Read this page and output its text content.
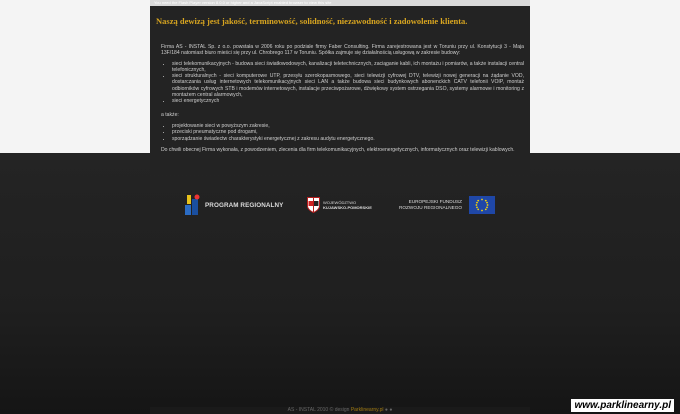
You need the Flash Player version 8.0.0 or higher and a JavaScript enabled browser to view this site
Naszą dewizą jest jakość, terminowość, solidność, niezawodność i zadowolenie klienta.

Firma AS - INSTAL Sp. z o.o. powstała w 2006 roku po podziale firmy Faber Consulting. Firma zarejestrowana jest w Toruniu przy ul. Konstytucji 3 - Maja 13F/184 natomiast biuro mieści się przy ul. Chrobrego 117 w Toruniu. Spółka zajmuje się działalnością usługową w zakresie budowy:

• sieci telekomunikacyjnych - budowa sieci światłowodowych, kanalizacji teletechnicznych, zaciąganie kabli, ich montażu i pomiarów, a także instalacji central telefonicznych,
• sieci strukturalnych - sieci komputerowe UTP, przesyłu szerokopasmowego, sieci telewizji cyfrowej DTV, telewizji nowej generacji na żądanie VOD, dostarczania usług internetowych telekomunikacyjnych sieci LAN a także budowa sieci budynkowych abonenckich CATV telefonii VOIP, montaż odbiorników cyfrowych STB i modemów internetowych, instalacje przeciwpożarowe, dźwiękowy system ostrzegania DSO, systemy alarmowe i monitoring z montażem central alarmowych,
• sieci energetycznych

a także:

• projektowanie sieci w powyższym zakresie,
• przeciski pneumatyczne pod drogami,
• sporządzanie świadectw charakterystyki energetycznej z zakresu audytu energetycznego.

Do chwili obecnej Firma wykonała, z powodzeniem, zlecenia dla firm telekomunikacyjnych, elektroenergetycznych, informatycznych oraz telewizji kablowych.

PROGRAM REGIONALNY	WOJEWÓDZTWO
KUJAWSKO-POMORSKIE
EUROPEJSKI FUNDUSZ
ROZWOJU REGIONALNEGO
AS - INSTAL 2010 © design Parklinearny.pl ● ●	www.parklinearny.pl
